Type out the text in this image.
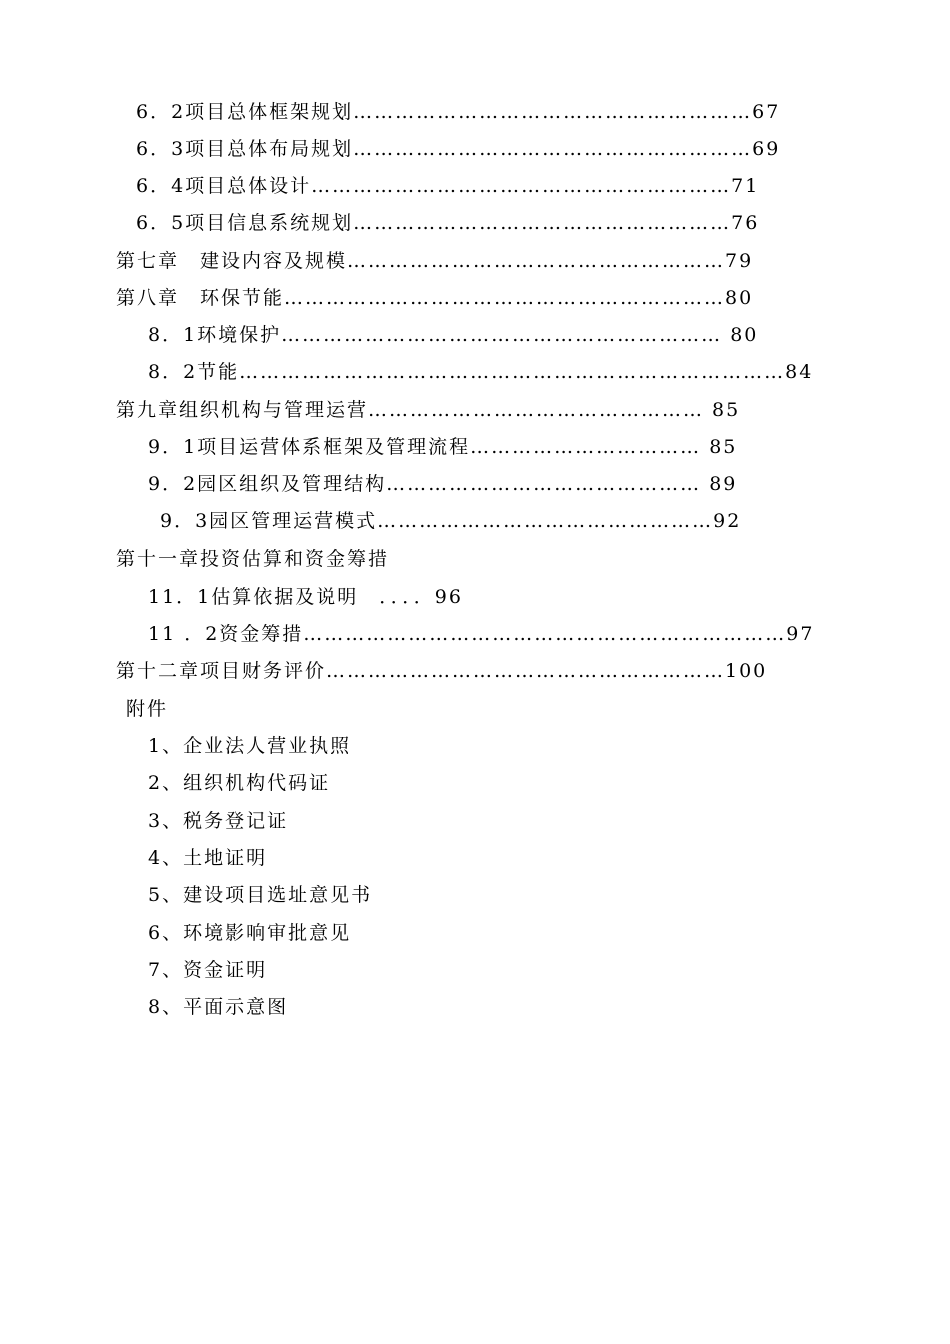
6．2项目总体框架规划…………………………………………………67
6．3项目总体布局规划…………………………………………………69
6．4项目总体设计……………………………………………………71
6．5项目信息系统规划………………………………………………76
第七章　建设内容及规模………………………………………………79
第八章　环保节能………………………………………………………80
8．1环境保护……………………………………………………… 80
8．2节能……………………………………………………………………84
第九章组织机构与管理运营………………………………………… 85
9．1项目运营体系框架及管理流程…………………………… 85
9．2园区组织及管理结构……………………………………… 89
9．3园区管理运营模式…………………………………………92
第十一章投资估算和资金筹措
11．1估算依据及说明　．．．．96
11 ．2资金筹措……………………………………………………………97
第十二章项目财务评价…………………………………………………100
附件
1、企业法人营业执照
2、组织机构代码证
3、税务登记证
4、土地证明
5、建设项目选址意见书
6、环境影响审批意见
7、资金证明
8、平面示意图
